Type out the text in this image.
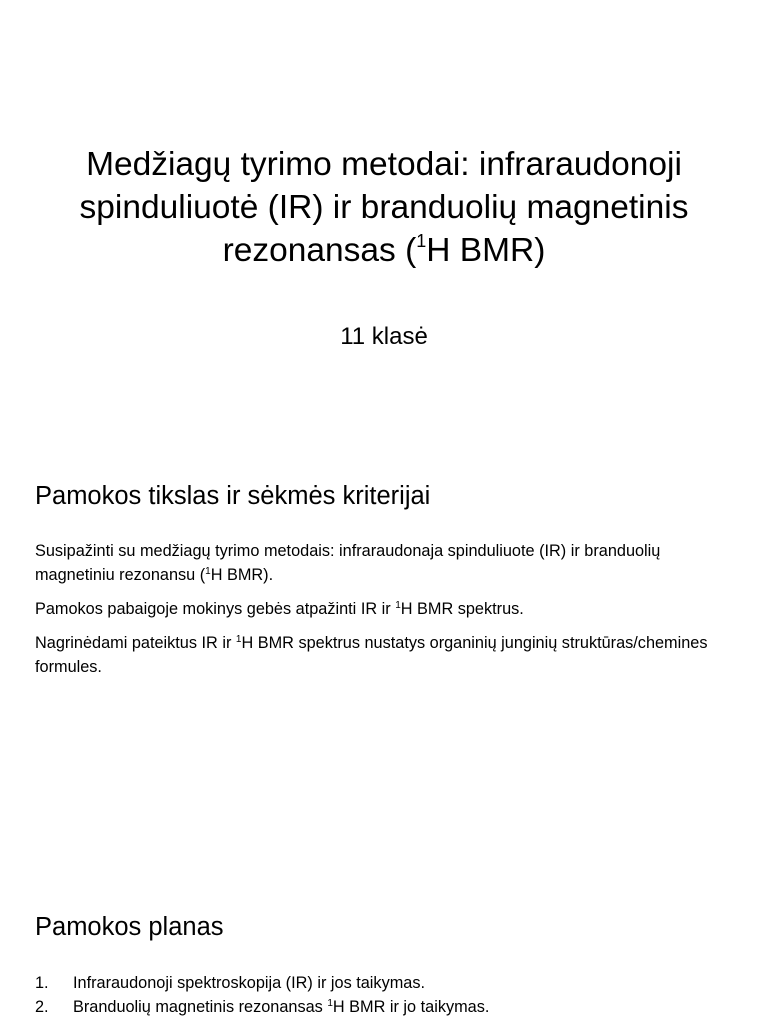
Medžiagų tyrimo metodai: infraraudonoji spinduliuotė (IR) ir branduolių magnetinis rezonansas ($^1$H BMR)

11 klasė

Pamokos tikslas ir sėkmės kriterijai

Susipažinti su medžiagų tyrimo metodais: infraraudonaja spinduliuote (IR) ir branduolių magnetiniu rezonansu ($^1$H BMR).

Pamokos pabaigoje mokinys gebės atpažinti IR ir $^1$H BMR spektrus.

Nagrinėdami pateiktus IR ir $^1$H BMR spektrus nustatys organinių junginių struktūras/chemines formules.

Pamokos planas
1.	Infraraudonoji spektroskopija (IR) ir jos taikymas.
2.	Branduolių magnetinis rezonansas $^1$H BMR ir jo taikymas.
